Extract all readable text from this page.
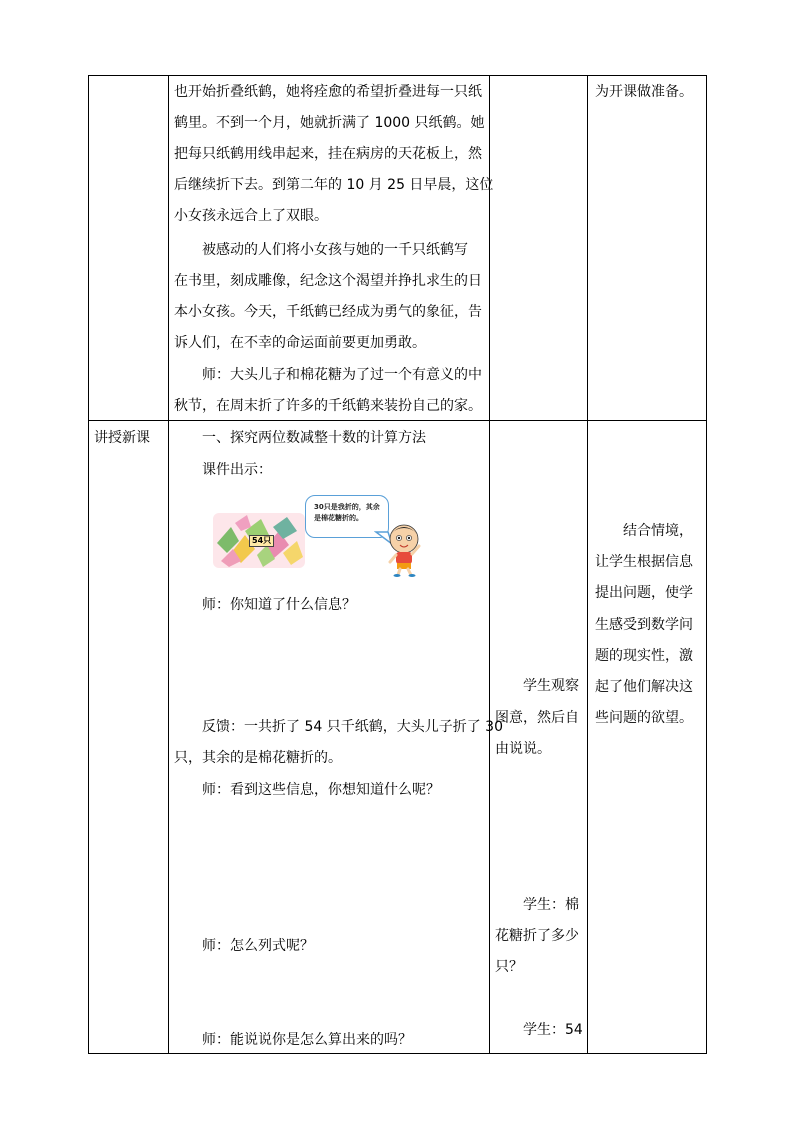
也开始折叠纸鹤，她将痊愈的希望折叠进每一只纸
鹤里。不到一个月，她就折满了 1000 只纸鹤。她
把每只纸鹤用线串起来，挂在病房的天花板上，然
后继续折下去。到第二年的 10 月 25 日早晨，这位
小女孩永远合上了双眼。
被感动的人们将小女孩与她的一千只纸鹤写
在书里，刻成雕像，纪念这个渴望并挣扎求生的日
本小女孩。今天，千纸鹤已经成为勇气的象征，告
诉人们，在不幸的命运面前要更加勇敢。
师：大头儿子和棉花糖为了过一个有意义的中
秋节，在周末折了许多的千纸鹤来装扮自己的家。
为开课做准备。
讲授新课	一、探究两位数减整十数的计算方法
课件出示：
54只
30只是我折的，其余是棉花糖折的。
师：你知道了什么信息？
反馈：一共折了 54 只千纸鹤，大头儿子折了 30
只，其余的是棉花糖折的。
师：看到这些信息，你想知道什么呢？
师：怎么列式呢？
师：能说说你是怎么算出来的吗？
学生观察
图意，然后自
由说说。
学生：棉
花糖折了多少
只？
学生：54
结合情境，
让学生根据信息
提出问题，使学
生感受到数学问
题的现实性，激
起了他们解决这
些问题的欲望。
